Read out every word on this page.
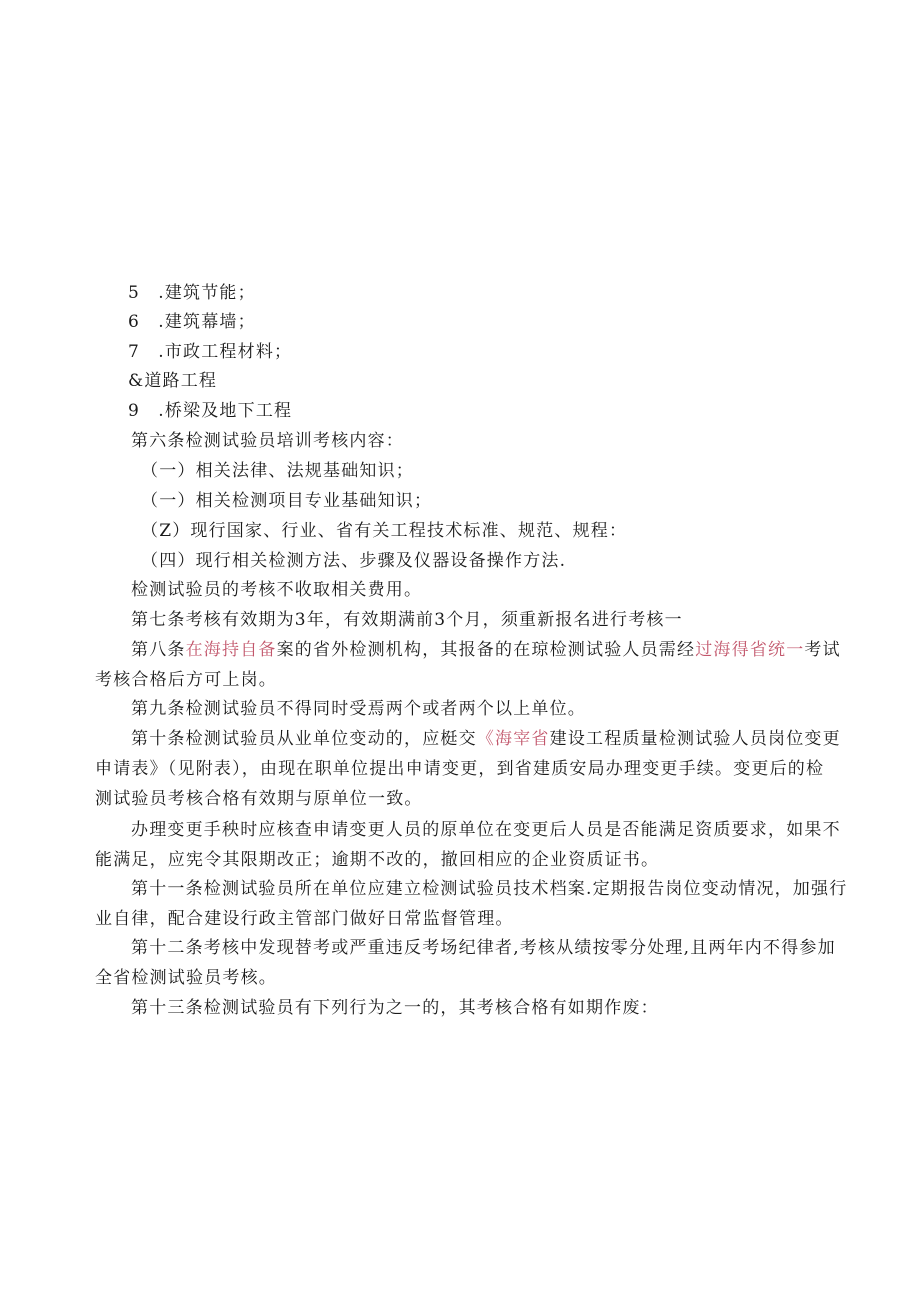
5　.建筑节能；
6　.建筑幕墙；
7　.市政工程材料；
&道路工程
9　.桥梁及地下工程
第六条检测试验员培训考核内容：
（一）相关法律、法规基础知识；
（一）相关检测项目专业基础知识；
（Z）现行国家、行业、省有关工程技术标准、规范、规程：
（四）现行相关检测方法、步骤及仪器设备操作方法.
检测试验员的考核不收取相关费用。
第七条考核有效期为3年，有效期满前3个月，须重新报名进行考核一
第八条在海持自备案的省外检测机构，其报备的在琼检测试验人员需经过海得省统一考试
考核合格后方可上岗。
第九条检测试验员不得同时受焉两个或者两个以上单位。
第十条检测试验员从业单位变动的，应梃交《海宰省建设工程质量检测试验人员岗位变更
申请表》（见附表），由现在职单位提出申请变更，到省建质安局办理变更手续。变更后的检
测试验员考核合格有效期与原单位一致。
办理变更手秧时应核查申请变更人员的原单位在变更后人员是否能满足资质要求，如果不
能满足，应宪令其限期改正；逾期不改的，撤回相应的企业资质证书。
第十一条检测试验员所在单位应建立检测试验员技术档案.定期报告岗位变动情况，加强行
业自律，配合建设行政主管部门做好日常监督管理。
第十二条考核中发现替考或严重违反考场纪律者,考核从绩按零分处理,且两年内不得参加
全省检测试验员考核。
第十三条检测试验员有下列行为之一的，其考核合格有如期作废：
